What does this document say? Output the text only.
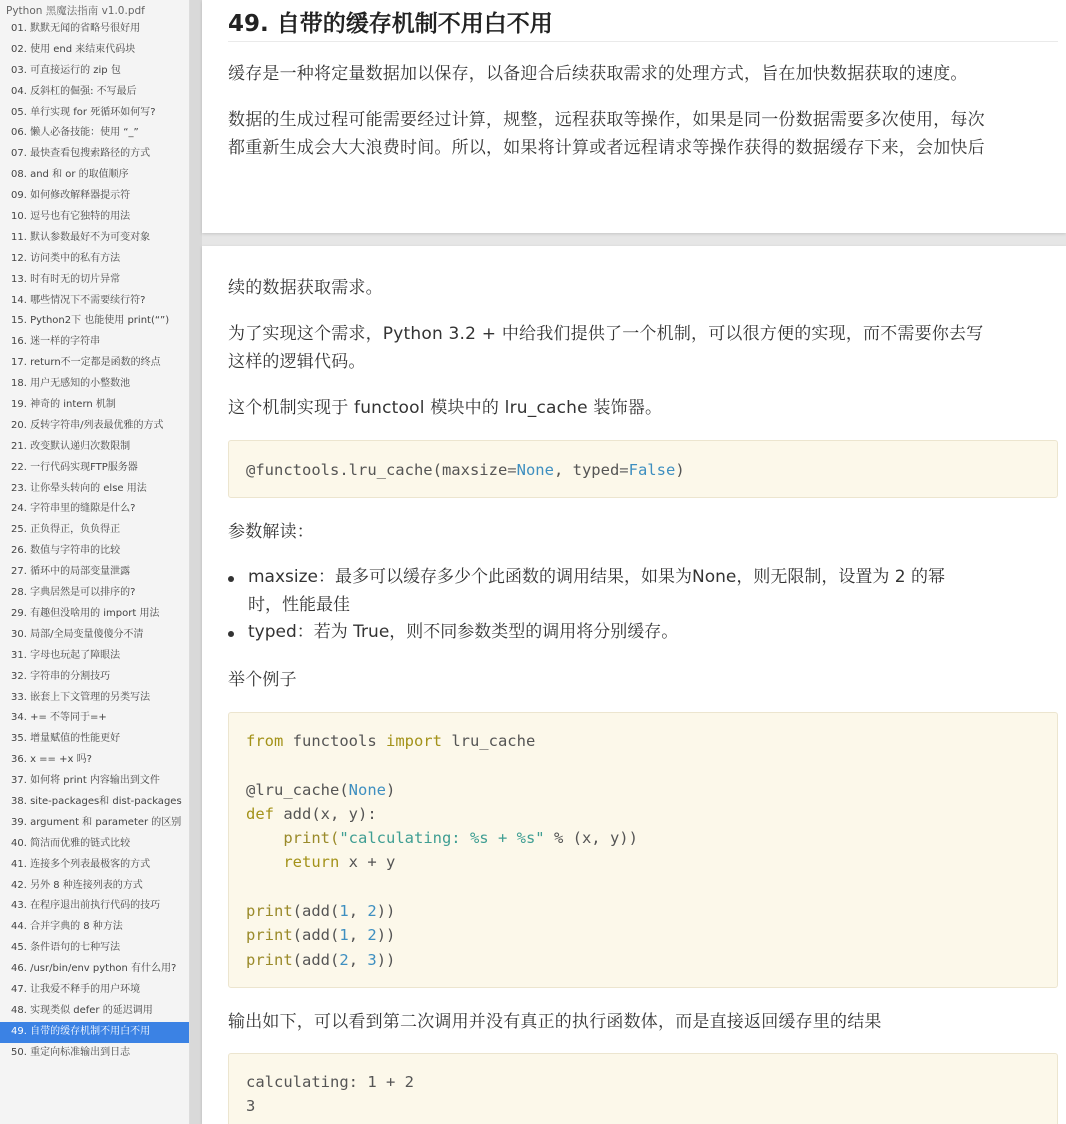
Python 黑魔法指南 v1.0.pdf
01. 默默无闻的省略号很好用
02. 使用 end 来结束代码块
03. 可直接运行的 zip 包
04. 反斜杠的倔强: 不写最后
05. 单行实现 for 死循环如何写?
06. 懒人必备技能：使用 “_”
07. 最快查看包搜索路径的方式
08. and 和 or 的取值顺序
09. 如何修改解释器提示符
10. 逗号也有它独特的用法
11. 默认参数最好不为可变对象
12. 访问类中的私有方法
13. 时有时无的切片异常
14. 哪些情况下不需要续行符?
15. Python2下 也能使用 print(“”)
16. 迷一样的字符串
17. return不一定都是函数的终点
18. 用户无感知的小整数池
19. 神奇的 intern 机制
20. 反转字符串/列表最优雅的方式
21. 改变默认递归次数限制
22. 一行代码实现FTP服务器
23. 让你晕头转向的 else 用法
24. 字符串里的缝隙是什么?
25. 正负得正，负负得正
26. 数值与字符串的比较
27. 循环中的局部变量泄露
28. 字典居然是可以排序的?
29. 有趣但没啥用的 import 用法
30. 局部/全局变量傻傻分不清
31. 字母也玩起了障眼法
32. 字符串的分割技巧
33. 嵌套上下文管理的另类写法
34. += 不等同于=+
35. 增量赋值的性能更好
36. x == +x 吗?
37. 如何将 print 内容输出到文件
38. site-packages和 dist-packages
39. argument 和 parameter 的区别
40. 简洁而优雅的链式比较
41. 连接多个列表最极客的方式
42. 另外 8 种连接列表的方式
43. 在程序退出前执行代码的技巧
44. 合并字典的 8 种方法
45. 条件语句的七种写法
46. /usr/bin/env python 有什么用?
47. 让我爱不释手的用户环境
48. 实现类似 defer 的延迟调用
49. 自带的缓存机制不用白不用
50. 重定向标准输出到日志
49. 自带的缓存机制不用白不用

缓存是一种将定量数据加以保存，以备迎合后续获取需求的处理方式，旨在加快数据获取的速度。

数据的生成过程可能需要经过计算，规整，远程获取等操作，如果是同一份数据需要多次使用，每次

都重新生成会大大浪费时间。所以，如果将计算或者远程请求等操作获得的数据缓存下来，会加快后

续的数据获取需求。

为了实现这个需求，Python 3.2 + 中给我们提供了一个机制，可以很方便的实现，而不需要你去写

这样的逻辑代码。

这个机制实现于 functool 模块中的 lru_cache 装饰器。

@functools.lru_cache(maxsize=None, typed=False)

参数解读：

maxsize：最多可以缓存多少个此函数的调用结果，如果为None，则无限制，设置为 2 的幂
时，性能最佳
typed：若为 True，则不同参数类型的调用将分别缓存。

举个例子

from functools import lru_cache

@lru_cache(None)
def add(x, y):
print("calculating: %s + %s" % (x, y))
return x + y

print(add(1, 2))
print(add(1, 2))
print(add(2, 3))

输出如下，可以看到第二次调用并没有真正的执行函数体，而是直接返回缓存里的结果

calculating: 1 + 2
3
